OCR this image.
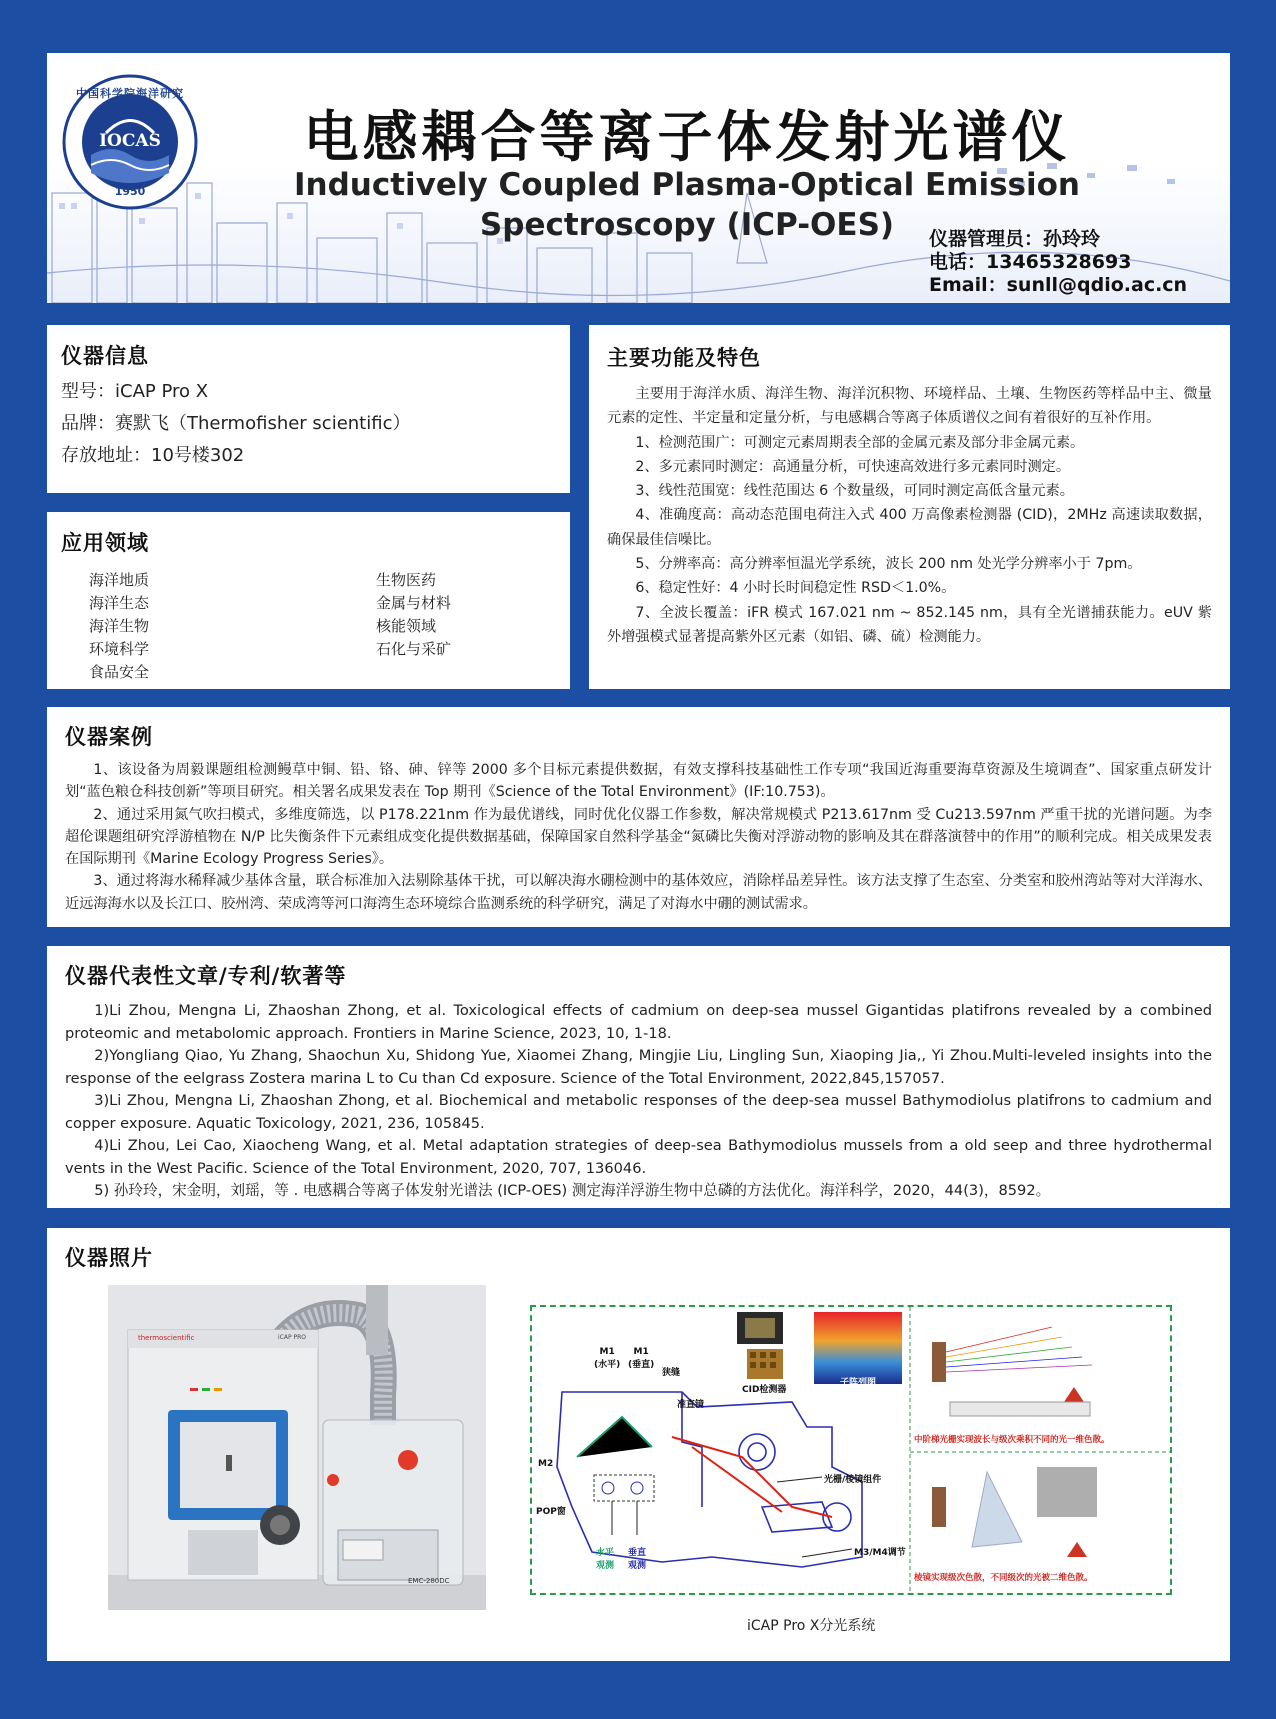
中国科学院海洋研究所
IOCAS
1950
电感耦合等离子体发射光谱仪
Inductively Coupled Plasma-Optical Emission
Spectroscopy (ICP-OES)	仪器管理员：孙玲玲
电话：13465328693
Email：sunll@qdio.ac.cn
仪器信息
型号：iCAP Pro X
品牌：赛默飞（Thermofisher scientific）
存放地址：10号楼302
应用领域
海洋地质	生物医药
海洋生态	金属与材料
海洋生物	核能领域
环境科学	石化与采矿
食品安全
主要功能及特色

主要用于海洋水质、海洋生物、海洋沉积物、环境样品、土壤、生物医药等样品中主、微量元素的定性、半定量和定量分析，与电感耦合等离子体质谱仪之间有着很好的互补作用。

1、检测范围广：可测定元素周期表全部的金属元素及部分非金属元素。

2、多元素同时测定：高通量分析，可快速高效进行多元素同时测定。

3、线性范围宽：线性范围达 6 个数量级，可同时测定高低含量元素。

4、准确度高：高动态范围电荷注入式 400 万高像素检测器 (CID)，2MHz 高速读取数据，确保最佳信噪比。

5、分辨率高：高分辨率恒温光学系统，波长 200 nm 处光学分辨率小于 7pm。

6、稳定性好：4 小时长时间稳定性 RSD＜1.0%。

7、全波长覆盖：iFR 模式 167.021 nm ~ 852.145 nm，具有全光谱捕获能力。eUV 紫外增强模式显著提高紫外区元素（如铝、磷、硫）检测能力。

仪器案例

1、该设备为周毅课题组检测鳗草中铜、铅、铬、砷、锌等 2000 多个目标元素提供数据，有效支撑科技基础性工作专项“我国近海重要海草资源及生境调查”、国家重点研发计划“蓝色粮仓科技创新”等项目研究。相关署名成果发表在 Top 期刊《Science of the Total Environment》(IF:10.753)。

2、通过采用氮气吹扫模式，多维度筛选，以 P178.221nm 作为最优谱线，同时优化仪器工作参数，解决常规模式 P213.617nm 受 Cu213.597nm 严重干扰的光谱问题。为李超伦课题组研究浮游植物在 N/P 比失衡条件下元素组成变化提供数据基础，保障国家自然科学基金“氮磷比失衡对浮游动物的影响及其在群落演替中的作用”的顺利完成。相关成果发表在国际期刊《Marine Ecology Progress Series》。

3、通过将海水稀释减少基体含量，联合标准加入法剔除基体干扰，可以解决海水硼检测中的基体效应，消除样品差异性。该方法支撑了生态室、分类室和胶州湾站等对大洋海水、近远海海水以及长江口、胶州湾、荣成湾等河口海湾生态环境综合监测系统的科学研究，满足了对海水中硼的测试需求。

仪器代表性文章/专利/软著等

1)Li Zhou, Mengna Li, Zhaoshan Zhong, et al. Toxicological effects of cadmium on deep-sea mussel Gigantidas platifrons revealed by a combined proteomic and metabolomic approach. Frontiers in Marine Science, 2023, 10, 1-18.

2)Yongliang Qiao, Yu Zhang, Shaochun Xu, Shidong Yue, Xiaomei Zhang, Mingjie Liu, Lingling Sun, Xiaoping Jia,, Yi Zhou.Multi-leveled insights into the response of the eelgrass Zostera marina L to Cu than Cd exposure. Science of the Total Environment, 2022,845,157057.

3)Li Zhou, Mengna Li, Zhaoshan Zhong, et al. Biochemical and metabolic responses of the deep-sea mussel Bathymodiolus platifrons to cadmium and copper exposure. Aquatic Toxicology, 2021, 236, 105845.

4)Li Zhou, Lei Cao, Xiaocheng Wang, et al. Metal adaptation strategies of deep-sea Bathymodiolus mussels from a old seep and three hydrothermal vents in the West Pacific. Science of the Total Environment, 2020, 707, 136046.

5) 孙玲玲，宋金明，刘瑶，等 . 电感耦合等离子体发射光谱法 (ICP-OES) 测定海洋浮游生物中总磷的方法优化。海洋科学，2020，44(3)，8592。

仪器照片
thermoscientific	iCAP PRO
EMC-280DC
M1
(水平)
M1
(垂直)
狭缝
准直镜
M2
POP窗
光栅/棱镜组件
M3/M4调节
水平观测
垂直观测
CID检测器
子阵列图
中阶梯光栅实现波长与级次乘积不同的光一维色散。
棱镜实现级次色散，不同级次的光被二维色散。
iCAP Pro X分光系统
